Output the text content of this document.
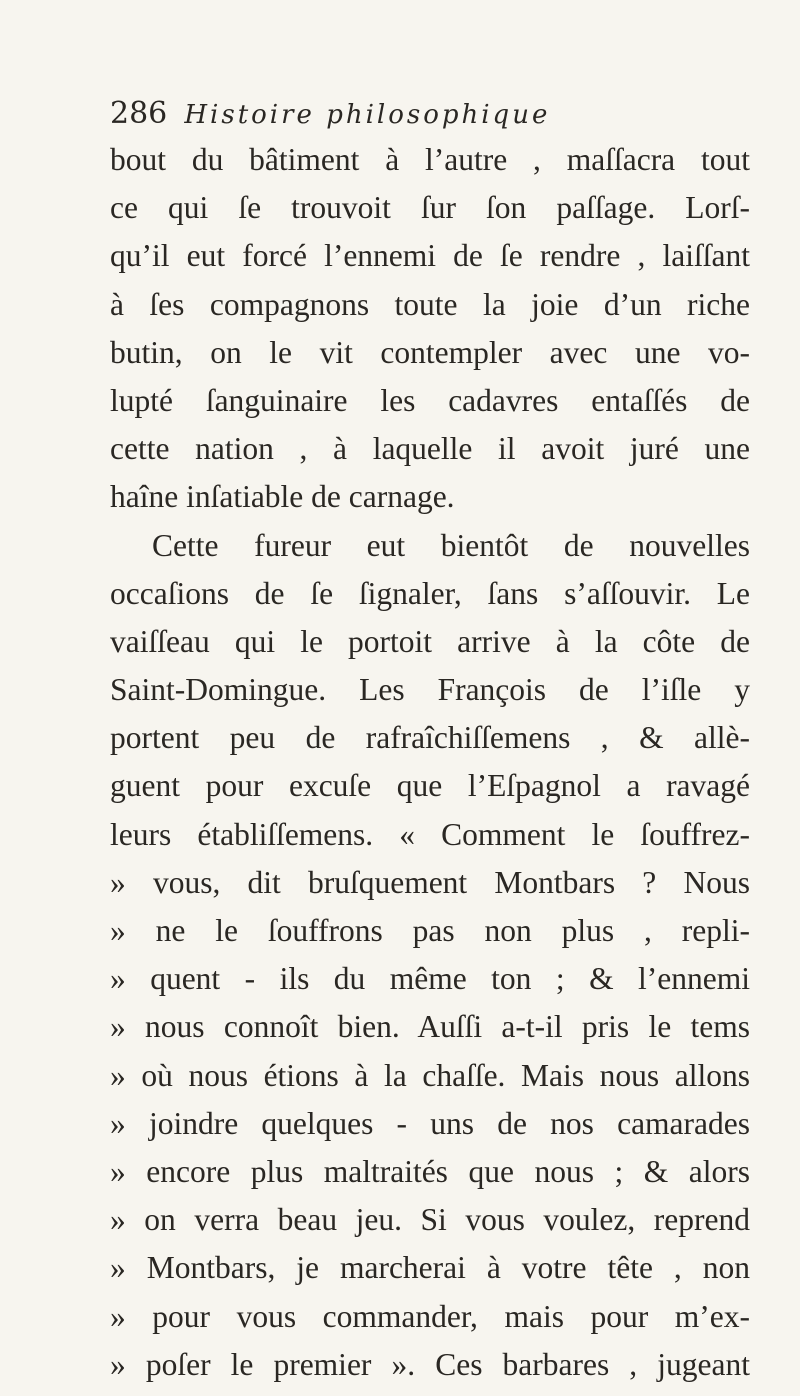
286 Histoire philosophique
bout du bâtiment à l’autre , maſſacra tout
ce qui ſe trouvoit ſur ſon paſſage. Lorſ-
qu’il eut forcé l’ennemi de ſe rendre , laiſſant
à ſes compagnons toute la joie d’un riche
butin, on le vit contempler avec une vo-
lupté ſanguinaire les cadavres entaſſés de
cette nation , à laquelle il avoit juré une
haîne inſatiable de carnage.
Cette fureur eut bientôt de nouvelles
occaſions de ſe ſignaler, ſans s’aſſouvir. Le
vaiſſeau qui le portoit arrive à la côte de
Saint-Domingue. Les François de l’iſle y
portent peu de rafraîchiſſemens , & allè-
guent pour excuſe que l’Eſpagnol a ravagé
leurs établiſſemens. « Comment le ſouffrez-
» vous, dit bruſquement Montbars ? Nous
» ne le ſouffrons pas non plus , repli-
» quent - ils du même ton ; & l’ennemi
» nous connoît bien. Auſſi a-t-il pris le tems
» où nous étions à la chaſſe. Mais nous allons
» joindre quelques - uns de nos camarades
» encore plus maltraités que nous ; & alors
» on verra beau jeu. Si vous voulez, reprend
» Montbars, je marcherai à votre tête , non
» pour vous commander, mais pour m’ex-
» poſer le premier ». Ces barbares , jugeant
